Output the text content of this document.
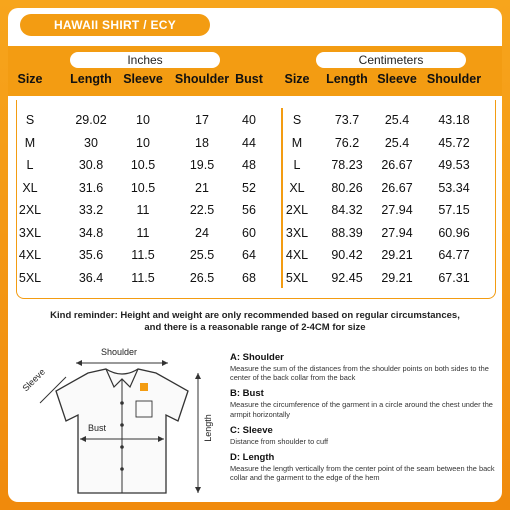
HAWAII SHIRT / ECY
Inches	Centimeters
Size	Length Sleeve Shoulder Bust	Size	Length Sleeve Shoulder
S	29.02	10	17	40	S	73.7	25.4	43.18
M	30	10	18	44	M	76.2	25.4	45.72
L	30.8	10.5	19.5	48	L	78.23	26.67	49.53
XL	31.6	10.5	21	52	XL	80.26	26.67	53.34
2XL	33.2	11	22.5	56	2XL	84.32	27.94	57.15
3XL	34.8	11	24	60	3XL	88.39	27.94	60.96
4XL	35.6	11.5	25.5	64	4XL	90.42	29.21	64.77
5XL	36.4	11.5	26.5	68	5XL	92.45	29.21	67.31
Kind reminder: Height and weight are only recommended based on regular circumstances,
and there is a reasonable range of 2-4CM for size
Shoulder
Sleeve
Bust	Length
A: Shoulder
Measure the sum of the distances from the shoulder points on both sides to the center of the back collar from the back
B: Bust
Measure the circumference of the garment in a circle around the chest under the armpit horizontally
C: Sleeve
Distance from shoulder to cuff
D: Length
Measure the length vertically from the center point of the seam between the back collar and the garment to the edge of the hem
